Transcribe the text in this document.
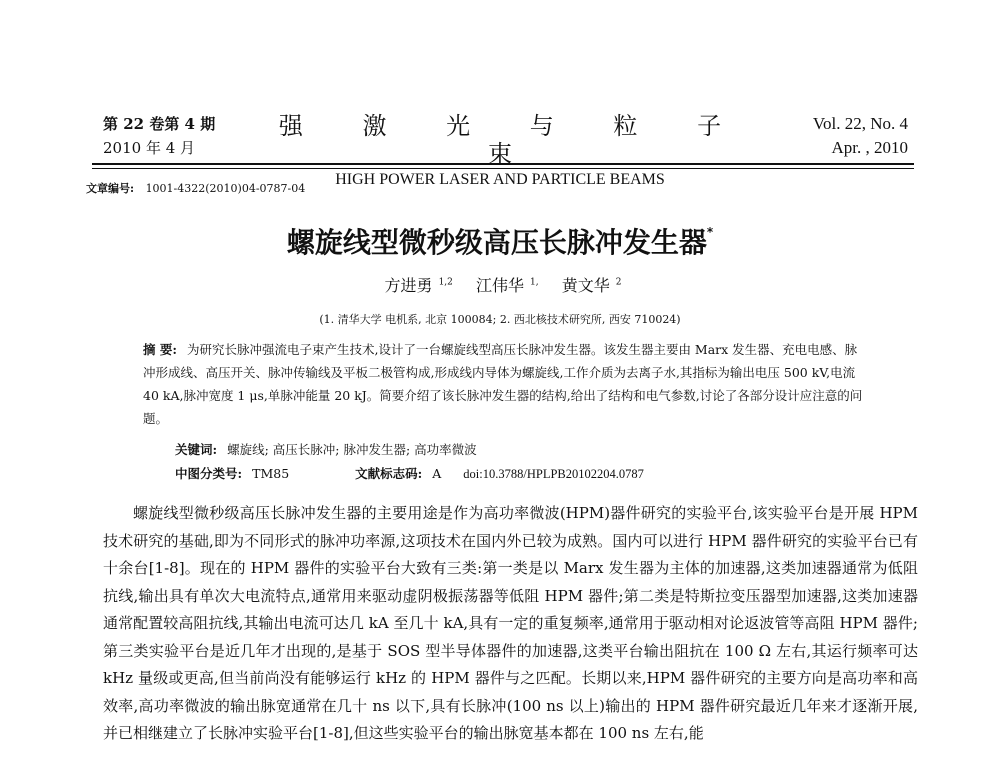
第 22 卷第 4 期
2010 年 4 月
强 激 光 与 粒 子 束
HIGH POWER LASER AND PARTICLE BEAMS
Vol. 22, No. 4
Apr. , 2010
文章编号: 1001-4322(2010)04-0787-04
螺旋线型微秒级高压长脉冲发生器*
方进勇 $^{1,2}$ 江伟华 $^{1,}$ 黄文华 $^2$
(1. 清华大学 电机系, 北京 100084; 2. 西北核技术研究所, 西安 710024)
摘 要: 为研究长脉冲强流电子束产生技术,设计了一台螺旋线型高压长脉冲发生器。该发生器主要由 Marx 发生器、充电电感、脉冲形成线、高压开关、脉冲传输线及平板二极管构成,形成线内导体为螺旋线,工作介质为去离子水,其指标为输出电压 500 kV,电流 40 kA,脉冲宽度 1 μs,单脉冲能量 20 kJ。简要介绍了该长脉冲发生器的结构,给出了结构和电气参数,讨论了各部分设计应注意的问题。
关键词: 螺旋线; 高压长脉冲; 脉冲发生器; 高功率微波
中图分类号: TM85	文献标志码: A doi:10.3788/HPLPB20102204.0787

螺旋线型微秒级高压长脉冲发生器的主要用途是作为高功率微波(HPM)器件研究的实验平台,该实验平台是开展 HPM 技术研究的基础,即为不同形式的脉冲功率源,这项技术在国内外已较为成熟。国内可以进行 HPM 器件研究的实验平台已有十余台[1-8]。现在的 HPM 器件的实验平台大致有三类:第一类是以 Marx 发生器为主体的加速器,这类加速器通常为低阻抗线,输出具有单次大电流特点,通常用来驱动虚阴极振荡器等低阻 HPM 器件;第二类是特斯拉变压器型加速器,这类加速器通常配置较高阻抗线,其输出电流可达几 kA 至几十 kA,具有一定的重复频率,通常用于驱动相对论返波管等高阻 HPM 器件;第三类实验平台是近几年才出现的,是基于 SOS 型半导体器件的加速器,这类平台输出阻抗在 100 Ω 左右,其运行频率可达 kHz 量级或更高,但当前尚没有能够运行 kHz 的 HPM 器件与之匹配。长期以来,HPM 器件研究的主要方向是高功率和高效率,高功率微波的输出脉宽通常在几十 ns 以下,具有长脉冲(100 ns 以上)输出的 HPM 器件研究最近几年来才逐渐开展,并已相继建立了长脉冲实验平台[1-8],但这些实验平台的输出脉宽基本都在 100 ns 左右,能
